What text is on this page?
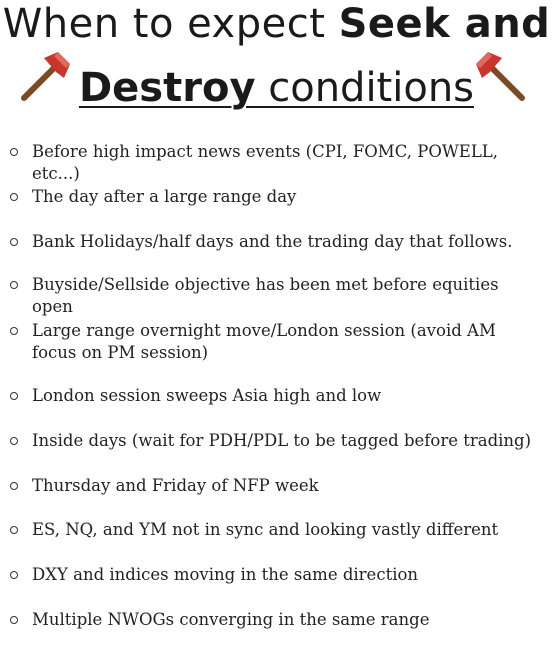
When to expect Seek and
Destroy conditions
Before high impact news events (CPI, FOMC, POWELL, etc...)
The day after a large range day
Bank Holidays/half days and the trading day that follows.
Buyside/Sellside objective has been met before equities open
Large range overnight move/London session (avoid AM focus on PM session)
London session sweeps Asia high and low
Inside days (wait for PDH/PDL to be tagged before trading)
Thursday and Friday of NFP week
ES, NQ, and YM not in sync and looking vastly different
DXY and indices moving in the same direction
Multiple NWOGs converging in the same range
